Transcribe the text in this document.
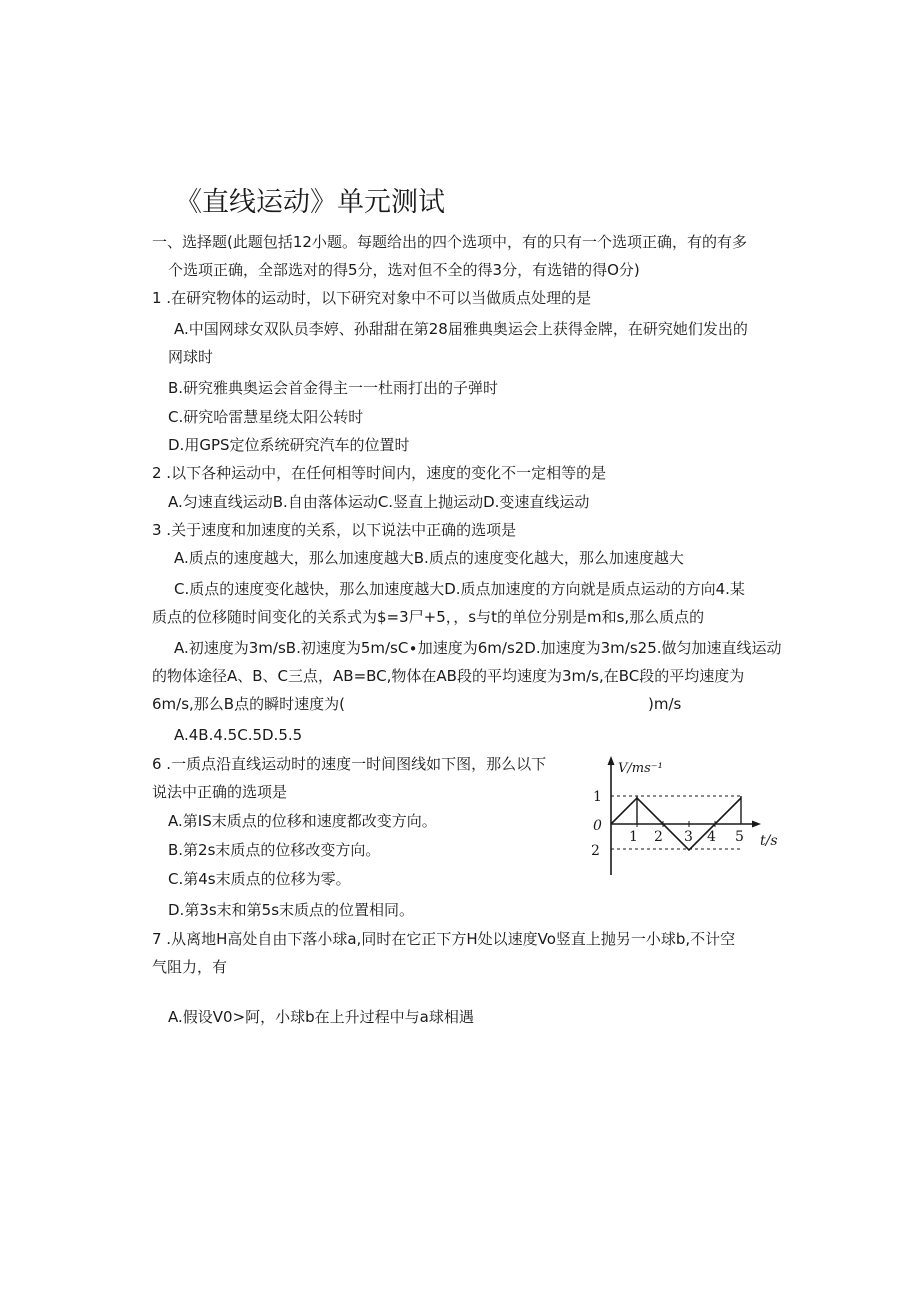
《直线运动》单元测试
一、选择题(此题包括12小题。每题给出的四个选项中，有的只有一个选项正确，有的有多
个选项正确，全部选对的得5分，选对但不全的得3分，有选错的得O分)
1 .在研究物体的运动时，以下研究对象中不可以当做质点处理的是
A.中国网球女双队员李婷、孙甜甜在第28届雅典奥运会上获得金牌，在研究她们发出的
网球时
B.研究雅典奥运会首金得主一一杜雨打出的子弹时
C.研究哈雷慧星绕太阳公转时
D.用GPS定位系统研究汽车的位置时
2 .以下各种运动中，在任何相等时间内，速度的变化不一定相等的是
A.匀速直线运动B.自由落体运动C.竖直上抛运动D.变速直线运动
3 .关于速度和加速度的关系，以下说法中正确的选项是
A.质点的速度越大，那么加速度越大B.质点的速度变化越大，那么加速度越大
C.质点的速度变化越快，那么加速度越大D.质点加速度的方向就是质点运动的方向4.某
质点的位移随时间变化的关系式为$=3尸+5，，s与t的单位分别是m和s,那么质点的
A.初速度为3m∕sB.初速度为5m∕sC∙加速度为6m∕s2D.加速度为3m∕s25.做匀加速直线运动
的物体途径A、B、C三点，AB=BC,物体在AB段的平均速度为3m∕s,在BC段的平均速度为
6m∕s,那么B点的瞬时速度为(	)m/s
A.4B.4.5C.5D.5.5
6 .一质点沿直线运动时的速度一时间图线如下图，那么以下
说法中正确的选项是
A.第IS末质点的位移和速度都改变方向。
B.第2s末质点的位移改变方向。
C.第4s末质点的位移为零。
D.第3s末和第5s末质点的位置相同。
7 .从离地H高处自由下落小球a,同时在它正下方H处以速度Vo竖直上抛另一小球b,不计空
气阻力，有
A.假设V0>阿，小球b在上升过程中与a球相遇
V/ms⁻¹
t/s
1
0
2
1 2 3 4 5
